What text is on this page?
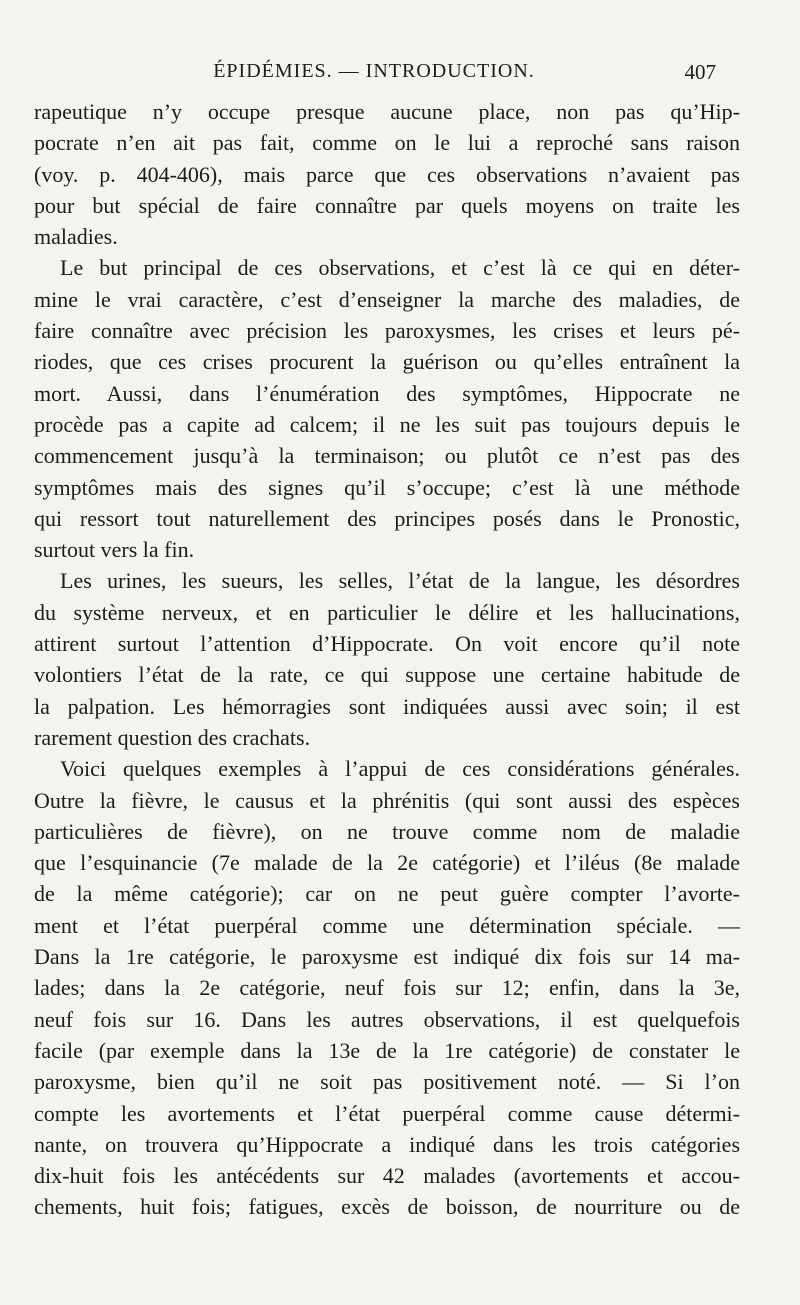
ÉPIDÉMIES. — INTRODUCTION.	407
rapeutique n’y occupe presque aucune place, non pas qu’Hip-
pocrate n’en ait pas fait, comme on le lui a reproché sans raison
(voy. p. 404-406), mais parce que ces observations n’avaient pas
pour but spécial de faire connaître par quels moyens on traite les
maladies.
Le but principal de ces observations, et c’est là ce qui en déter-
mine le vrai caractère, c’est d’enseigner la marche des maladies, de
faire connaître avec précision les paroxysmes, les crises et leurs pé-
riodes, que ces crises procurent la guérison ou qu’elles entraînent la
mort. Aussi, dans l’énumération des symptômes, Hippocrate ne
procède pas a capite ad calcem; il ne les suit pas toujours depuis le
commencement jusqu’à la terminaison; ou plutôt ce n’est pas des
symptômes mais des signes qu’il s’occupe; c’est là une méthode
qui ressort tout naturellement des principes posés dans le Pronostic,
surtout vers la fin.
Les urines, les sueurs, les selles, l’état de la langue, les désordres
du système nerveux, et en particulier le délire et les hallucinations,
attirent surtout l’attention d’Hippocrate. On voit encore qu’il note
volontiers l’état de la rate, ce qui suppose une certaine habitude de
la palpation. Les hémorragies sont indiquées aussi avec soin; il est
rarement question des crachats.
Voici quelques exemples à l’appui de ces considérations générales.
Outre la fièvre, le causus et la phrénitis (qui sont aussi des espèces
particulières de fièvre), on ne trouve comme nom de maladie
que l’esquinancie (7e malade de la 2e catégorie) et l’iléus (8e malade
de la même catégorie); car on ne peut guère compter l’avorte-
ment et l’état puerpéral comme une détermination spéciale. —
Dans la 1re catégorie, le paroxysme est indiqué dix fois sur 14 ma-
lades; dans la 2e catégorie, neuf fois sur 12; enfin, dans la 3e,
neuf fois sur 16. Dans les autres observations, il est quelquefois
facile (par exemple dans la 13e de la 1re catégorie) de constater le
paroxysme, bien qu’il ne soit pas positivement noté. — Si l’on
compte les avortements et l’état puerpéral comme cause détermi-
nante, on trouvera qu’Hippocrate a indiqué dans les trois catégories
dix-huit fois les antécédents sur 42 malades (avortements et accou-
chements, huit fois; fatigues, excès de boisson, de nourriture ou de
